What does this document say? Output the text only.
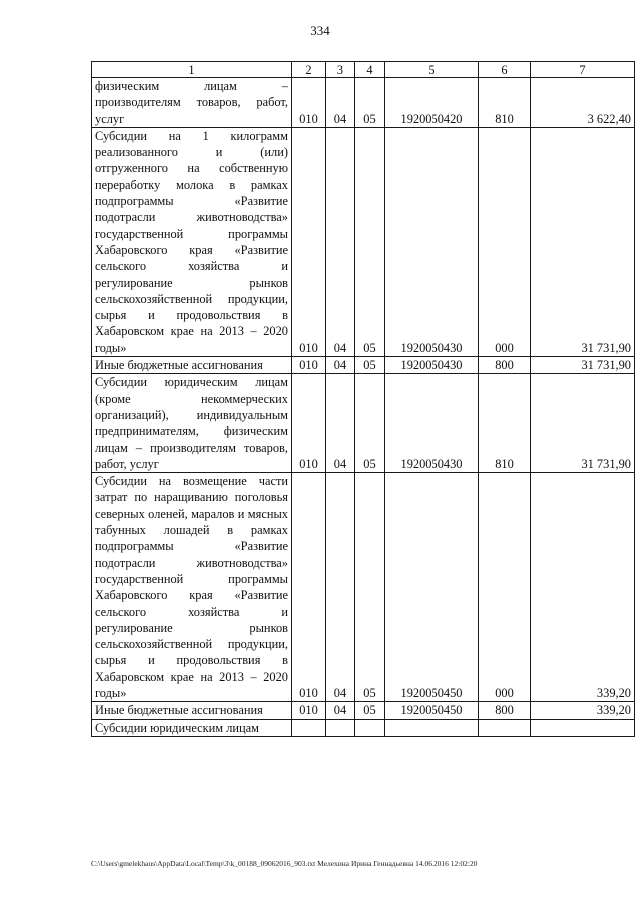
334
1	2	3	4	5	6	7
физическим лицам – производителям товаров, работ, услуг	010	04	05	1920050420	810	3 622,40
Субсидии на 1 килограмм реализованного и (или) отгруженного на собственную переработку молока в рамках подпрограммы «Развитие подотрасли животноводства» государственной программы Хабаровского края «Развитие сельского хозяйства и регулирование рынков сельскохозяйственной продукции, сырья и продовольствия в Хабаровском крае на 2013 – 2020 годы»	010	04	05	1920050430	000	31 731,90
Иные бюджетные ассигнования	010	04	05	1920050430	800	31 731,90
Субсидии юридическим лицам (кроме некоммерческих организаций), индивидуальным предпринимателям, физическим лицам – производителям товаров, работ, услуг	010	04	05	1920050430	810	31 731,90
Субсидии на возмещение части затрат по наращиванию поголовья северных оленей, маралов и мясных табунных лошадей в рамках подпрограммы «Развитие подотрасли животноводства» государственной программы Хабаровского края «Развитие сельского хозяйства и регулирование рынков сельскохозяйственной продукции, сырья и продовольствия в Хабаровском крае на 2013 – 2020 годы»	010	04	05	1920050450	000	339,20
Иные бюджетные ассигнования	010	04	05	1920050450	800	339,20
Субсидии юридическим лицам						
C:\Users\gmelekhaus\AppData\Local\Temp\3\k_00188_09062016_903.txt Мелехина Ирина Геннадьевна 14.06.2016 12:02:20
